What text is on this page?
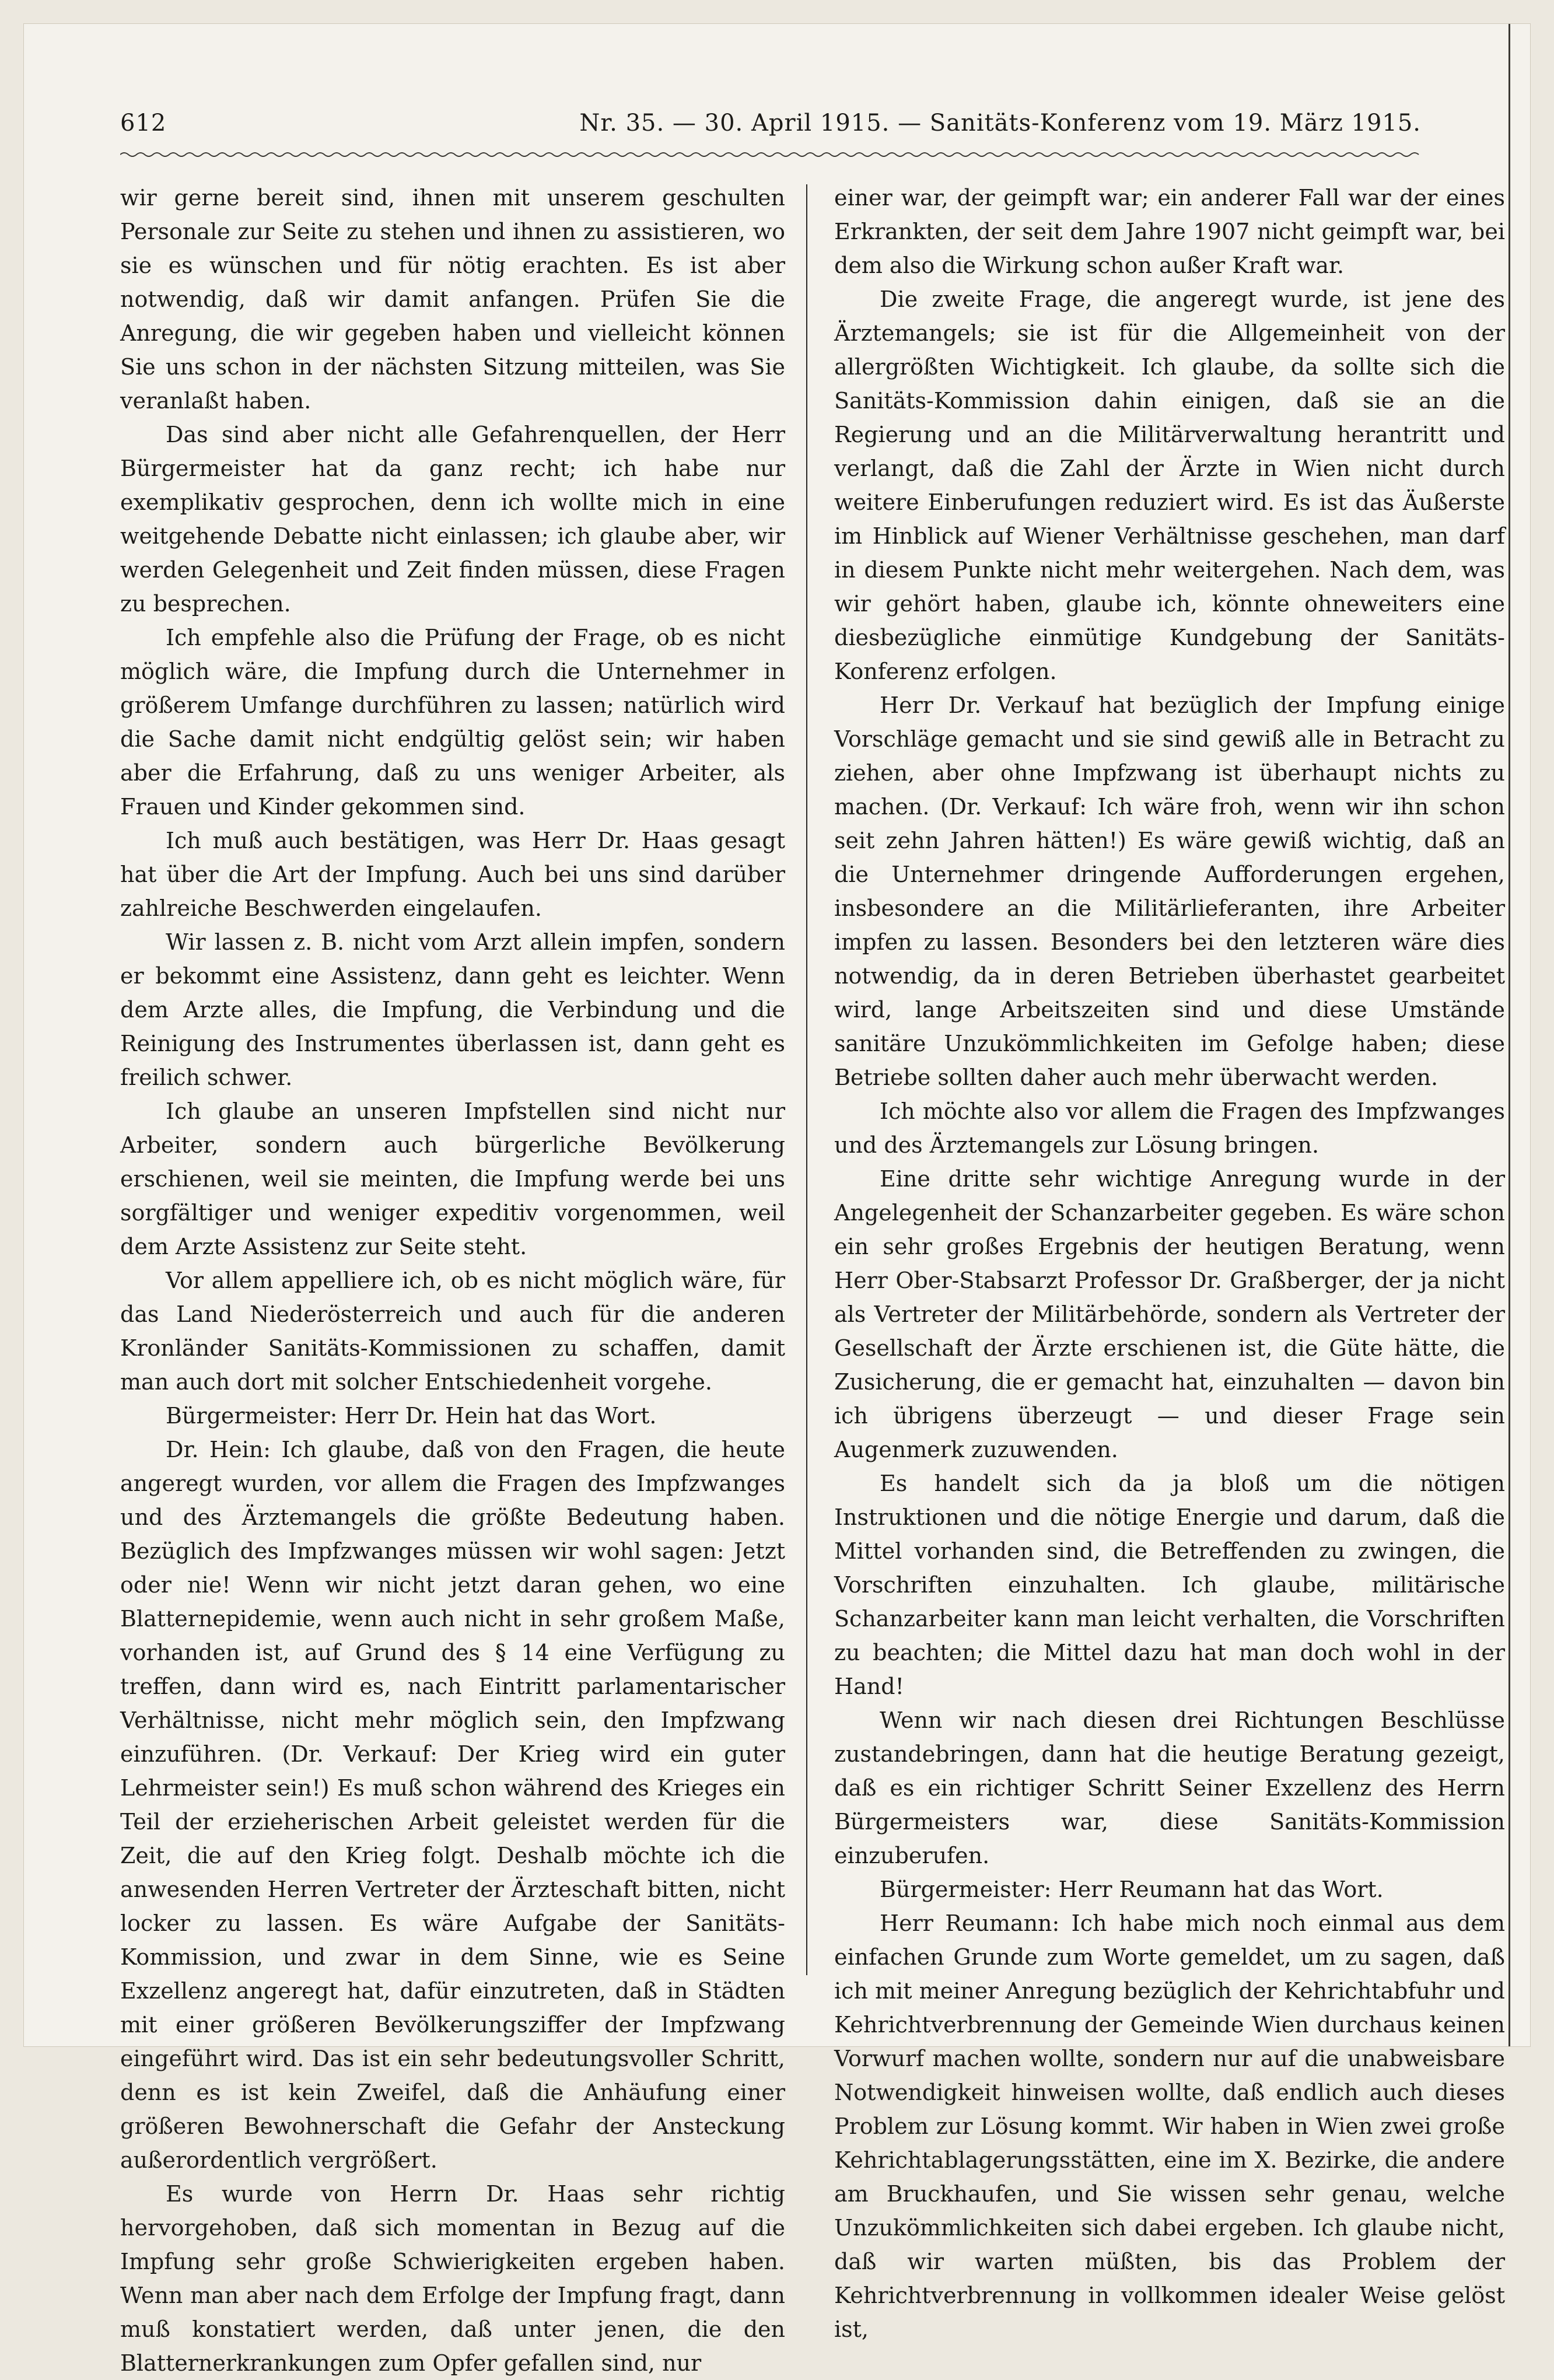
612	Nr. 35. — 30. April 1915. — Sanitäts-Konferenz vom 19. März 1915.

wir gerne bereit sind, ihnen mit unserem geschulten Personale zur Seite zu stehen und ihnen zu assistieren, wo sie es wünschen und für nötig erachten. Es ist aber notwendig, daß wir damit anfangen. Prüfen Sie die Anregung, die wir gegeben haben und vielleicht können Sie uns schon in der nächsten Sitzung mitteilen, was Sie veranlaßt haben.

Das sind aber nicht alle Gefahrenquellen, der Herr Bürgermeister hat da ganz recht; ich habe nur exemplikativ gesprochen, denn ich wollte mich in eine weitgehende Debatte nicht einlassen; ich glaube aber, wir werden Gelegenheit und Zeit finden müssen, diese Fragen zu besprechen.

Ich empfehle also die Prüfung der Frage, ob es nicht möglich wäre, die Impfung durch die Unternehmer in größerem Umfange durchführen zu lassen; natürlich wird die Sache damit nicht endgültig gelöst sein; wir haben aber die Erfahrung, daß zu uns weniger Arbeiter, als Frauen und Kinder gekommen sind.

Ich muß auch bestätigen, was Herr Dr. Haas gesagt hat über die Art der Impfung. Auch bei uns sind darüber zahlreiche Beschwerden eingelaufen.

Wir lassen z. B. nicht vom Arzt allein impfen, sondern er bekommt eine Assistenz, dann geht es leichter. Wenn dem Arzte alles, die Impfung, die Verbindung und die Reinigung des Instrumentes überlassen ist, dann geht es freilich schwer.

Ich glaube an unseren Impfstellen sind nicht nur Arbeiter, sondern auch bürgerliche Bevölkerung erschienen, weil sie meinten, die Impfung werde bei uns sorgfältiger und weniger expeditiv vorgenommen, weil dem Arzte Assistenz zur Seite steht.

Vor allem appelliere ich, ob es nicht möglich wäre, für das Land Niederösterreich und auch für die anderen Kronländer Sanitäts-Kommissionen zu schaffen, damit man auch dort mit solcher Entschiedenheit vorgehe.

Bürgermeister: Herr Dr. Hein hat das Wort.

Dr. Hein: Ich glaube, daß von den Fragen, die heute angeregt wurden, vor allem die Fragen des Impfzwanges und des Ärztemangels die größte Bedeutung haben. Bezüglich des Impfzwanges müssen wir wohl sagen: Jetzt oder nie! Wenn wir nicht jetzt daran gehen, wo eine Blatternepidemie, wenn auch nicht in sehr großem Maße, vorhanden ist, auf Grund des § 14 eine Verfügung zu treffen, dann wird es, nach Eintritt parlamentarischer Verhältnisse, nicht mehr möglich sein, den Impfzwang einzuführen. (Dr. Verkauf: Der Krieg wird ein guter Lehrmeister sein!) Es muß schon während des Krieges ein Teil der erzieherischen Arbeit geleistet werden für die Zeit, die auf den Krieg folgt. Deshalb möchte ich die anwesenden Herren Vertreter der Ärzteschaft bitten, nicht locker zu lassen. Es wäre Aufgabe der Sanitäts-Kommission, und zwar in dem Sinne, wie es Seine Exzellenz angeregt hat, dafür einzutreten, daß in Städten mit einer größeren Bevölkerungsziffer der Impfzwang eingeführt wird. Das ist ein sehr bedeutungsvoller Schritt, denn es ist kein Zweifel, daß die Anhäufung einer größeren Bewohnerschaft die Gefahr der Ansteckung außerordentlich vergrößert.

Es wurde von Herrn Dr. Haas sehr richtig hervorgehoben, daß sich momentan in Bezug auf die Impfung sehr große Schwierigkeiten ergeben haben. Wenn man aber nach dem Erfolge der Impfung fragt, dann muß konstatiert werden, daß unter jenen, die den Blatternerkrankungen zum Opfer gefallen sind, nur

einer war, der geimpft war; ein anderer Fall war der eines Erkrankten, der seit dem Jahre 1907 nicht geimpft war, bei dem also die Wirkung schon außer Kraft war.

Die zweite Frage, die angeregt wurde, ist jene des Ärztemangels; sie ist für die Allgemeinheit von der allergrößten Wichtigkeit. Ich glaube, da sollte sich die Sanitäts-Kommission dahin einigen, daß sie an die Regierung und an die Militärverwaltung herantritt und verlangt, daß die Zahl der Ärzte in Wien nicht durch weitere Einberufungen reduziert wird. Es ist das Äußerste im Hinblick auf Wiener Verhältnisse geschehen, man darf in diesem Punkte nicht mehr weitergehen. Nach dem, was wir gehört haben, glaube ich, könnte ohneweiters eine diesbezügliche einmütige Kundgebung der Sanitäts-Konferenz erfolgen.

Herr Dr. Verkauf hat bezüglich der Impfung einige Vorschläge gemacht und sie sind gewiß alle in Betracht zu ziehen, aber ohne Impfzwang ist überhaupt nichts zu machen. (Dr. Verkauf: Ich wäre froh, wenn wir ihn schon seit zehn Jahren hätten!) Es wäre gewiß wichtig, daß an die Unternehmer dringende Aufforderungen ergehen, insbesondere an die Militärlieferanten, ihre Arbeiter impfen zu lassen. Besonders bei den letzteren wäre dies notwendig, da in deren Betrieben überhastet gearbeitet wird, lange Arbeitszeiten sind und diese Umstände sanitäre Unzukömmlichkeiten im Gefolge haben; diese Betriebe sollten daher auch mehr überwacht werden.

Ich möchte also vor allem die Fragen des Impfzwanges und des Ärztemangels zur Lösung bringen.

Eine dritte sehr wichtige Anregung wurde in der Angelegenheit der Schanzarbeiter gegeben. Es wäre schon ein sehr großes Ergebnis der heutigen Beratung, wenn Herr Ober-Stabsarzt Professor Dr. Graßberger, der ja nicht als Vertreter der Militärbehörde, sondern als Vertreter der Gesellschaft der Ärzte erschienen ist, die Güte hätte, die Zusicherung, die er gemacht hat, einzuhalten — davon bin ich übrigens überzeugt — und dieser Frage sein Augenmerk zuzuwenden.

Es handelt sich da ja bloß um die nötigen Instruktionen und die nötige Energie und darum, daß die Mittel vorhanden sind, die Betreffenden zu zwingen, die Vorschriften einzuhalten. Ich glaube, militärische Schanzarbeiter kann man leicht verhalten, die Vorschriften zu beachten; die Mittel dazu hat man doch wohl in der Hand!

Wenn wir nach diesen drei Richtungen Beschlüsse zustandebringen, dann hat die heutige Beratung gezeigt, daß es ein richtiger Schritt Seiner Exzellenz des Herrn Bürgermeisters war, diese Sanitäts-Kommission einzuberufen.

Bürgermeister: Herr Reumann hat das Wort.

Herr Reumann: Ich habe mich noch einmal aus dem einfachen Grunde zum Worte gemeldet, um zu sagen, daß ich mit meiner Anregung bezüglich der Kehrichtabfuhr und Kehrichtverbrennung der Gemeinde Wien durchaus keinen Vorwurf machen wollte, sondern nur auf die unabweisbare Notwendigkeit hinweisen wollte, daß endlich auch dieses Problem zur Lösung kommt. Wir haben in Wien zwei große Kehrichtablagerungsstätten, eine im X. Bezirke, die andere am Bruckhaufen, und Sie wissen sehr genau, welche Unzukömmlichkeiten sich dabei ergeben. Ich glaube nicht, daß wir warten müßten, bis das Problem der Kehrichtverbrennung in vollkommen idealer Weise gelöst ist,
